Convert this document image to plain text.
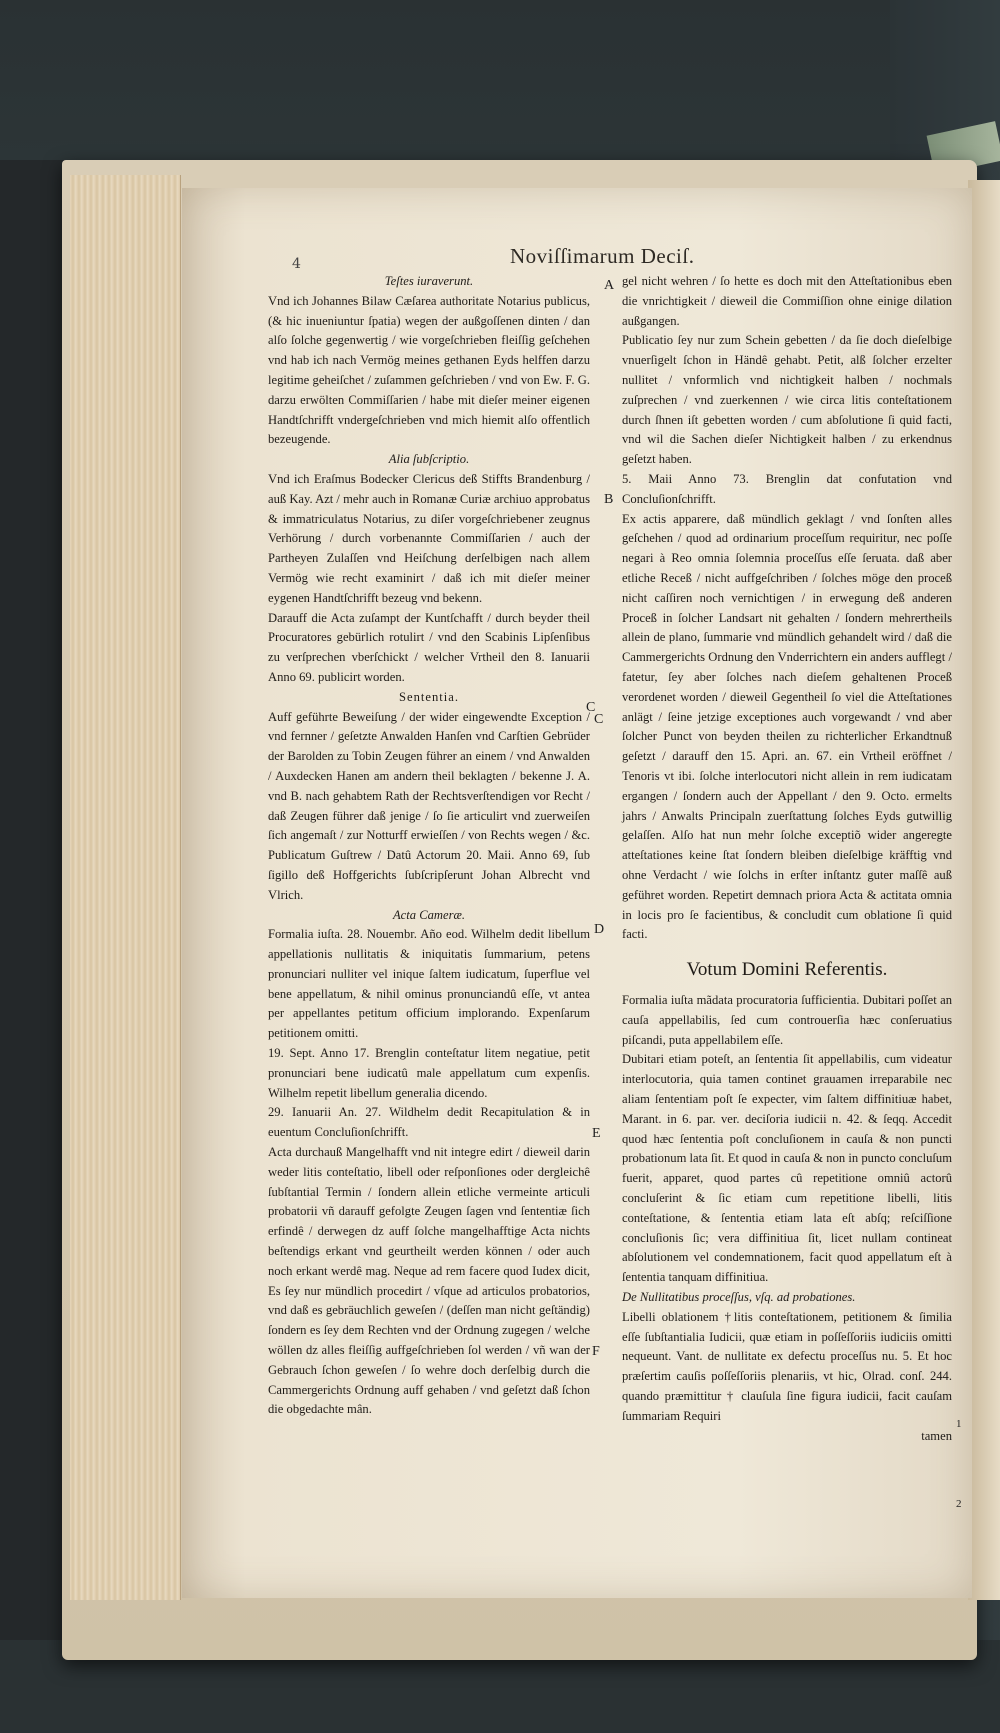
4	Noviſſimarum Deciſ.

Teſtes iuraverunt.

Vnd ich Johannes Bilaw Cæſarea authoritate Notarius publicus, (& hic inueniuntur ſpatia) wegen der außgoſſenen dinten / dan alſo ſolche gegenwertig / wie vorgeſchrieben fleiſſig geſchehen vnd hab ich nach Vermög meines gethanen Eyds helffen darzu legitime geheiſchet / zuſammen geſchrieben / vnd von Ew. F. G. darzu erwölten Commiſſarien / habe mit dieſer meiner eigenen Handtſchrifft vndergeſchrieben vnd mich hiemit alſo offentlich bezeugende.

Alia ſubſcriptio.

Vnd ich Eraſmus Bodecker Clericus deß Stiffts Brandenburg / auß Kay. Azt / mehr auch in Romanæ Curiæ archiuo approbatus & immatriculatus Notarius, zu diſer vorgeſchriebener zeugnus Verhörung / durch vorbenannte Commiſſarien / auch der Partheyen Zulaſſen vnd Heiſchung derſelbigen nach allem Vermög wie recht examinirt / daß ich mit dieſer meiner eygenen Handtſchrifft bezeug vnd bekenn.

Darauff die Acta zuſampt der Kuntſchafft / durch beyder theil Procuratores gebürlich rotulirt / vnd den Scabinis Lipſenſibus zu verſprechen vberſchickt / welcher Vrtheil den 8. Ianuarii Anno 69. publicirt worden.

Sententia.

Auff geführte Beweiſung / der wider eingewendte Exception / vnd fernner / geſetzte Anwalden Hanſen vnd Carſtien Gebrüder der Barolden zu Tobin Zeugen führer an einem / vnd Anwalden / Auxdecken Hanen am andern theil beklagten / bekenne J. A. vnd B. nach gehabtem Rath der Rechtsverſtendigen vor Recht / daß Zeugen führer daß jenige / ſo ſie articulirt vnd zuerweiſen ſich angemaſt / zur Notturff erwieſſen / von Rechts wegen / &c. Publicatum Guſtrew / Datû Actorum 20. Maii. Anno 69, ſub ſigillo deß Hoffgerichts ſubſcripſerunt Johan Albrecht vnd Vlrich.

Acta Cameræ.

Formalia iuſta. 28. Nouembr. Año eod. Wilhelm dedit libellum appellationis nullitatis & iniquitatis ſummarium, petens pronunciari nulliter vel inique ſaltem iudicatum, ſuperflue vel bene appellatum, & nihil ominus pronunciandû eſſe, vt antea per appellantes petitum officium implorando. Expenſarum petitionem omitti.

19. Sept. Anno 17. Brenglin conteſtatur litem negatiue, petit pronunciari bene iudicatû male appellatum cum expenſis. Wilhelm repetit libellum generalia dicendo.

29. Ianuarii An. 27. Wildhelm dedit Recapitulation & in euentum Concluſionſchrifft.

Acta durchauß Mangelhafft vnd nit integre edirt / dieweil darin weder litis conteſtatio, libell oder reſponſiones oder dergleichê ſubſtantial Termin / ſondern allein etliche vermeinte articuli probatorii vñ darauff gefolgte Zeugen ſagen vnd ſententiæ ſich erfindê / derwegen dz auff ſolche mangelhafftige Acta nichts beſtendigs erkant vnd geurtheilt werden können / oder auch noch erkant werdê mag. Neque ad rem facere quod Iudex dicit, Es ſey nur mündlich procedirt / vſque ad articulos probatorios, vnd daß es gebräuchlich geweſen / (deſſen man nicht geſtändig) ſondern es ſey dem Rechten vnd der Ordnung zugegen / welche wöllen dz alles fleiſſig auffgeſchrieben ſol werden / vñ wan der Gebrauch ſchon geweſen / ſo wehre doch derſelbig durch die Cammergerichts Ordnung auff gehaben / vnd geſetzt daß ſchon die obgedachte mân.

gel nicht wehren / ſo hette es doch mit den Atteſtationibus eben die vnrichtigkeit / dieweil die Commiſſion ohne einige dilation außgangen.

Publicatio ſey nur zum Schein gebetten / da ſie doch dieſelbige vnuerſigelt ſchon in Händê gehabt. Petit, alß ſolcher erzelter nullitet / vnformlich vnd nichtigkeit halben / nochmals zuſprechen / vnd zuerkennen / wie circa litis conteſtationem durch ſhnen iſt gebetten worden / cum abſolutione ſi quid facti, vnd wil die Sachen dieſer Nichtigkeit halben / zu erkendnus geſetzt haben.

5. Maii Anno 73. Brenglin dat confutation vnd Concluſionſchrifft.

Ex actis apparere, daß mündlich geklagt / vnd ſonſten alles geſchehen / quod ad ordinarium proceſſum requiritur, nec poſſe negari à Reo omnia ſolemnia proceſſus eſſe ſeruata. daß aber etliche Receß / nicht auffgeſchriben / ſolches möge den proceß nicht caſſiren noch vernichtigen / in erwegung deß anderen Proceß in ſolcher Landsart nit gehalten / ſondern mehrertheils allein de plano, ſummarie vnd mündlich gehandelt wird / daß die Cammergerichts Ordnung den Vnderrichtern ein anders aufflegt / fatetur, ſey aber ſolches nach dieſem gehaltenen Proceß verordenet worden / dieweil Gegentheil ſo viel die Atteſtationes anlägt / ſeine jetzige exceptiones auch vorgewandt / vnd aber ſolcher Punct von beyden theilen zu richterlicher Erkandtnuß geſetzt / darauff den 15. Apri. an. 67. ein Vrtheil eröffnet / Tenoris vt ibi. ſolche interlocutori nicht allein in rem iudicatam ergangen / ſondern auch der Appellant / den 9. Octo. ermelts jahrs / Anwalts Principaln zuerſtattung ſolches Eyds gutwillig gelaſſen. Alſo hat nun mehr ſolche exceptiõ wider angeregte atteſtationes keine ſtat ſondern bleiben dieſelbige kräfftig vnd ohne Verdacht / wie ſolchs in erſter inſtantz guter maſſê auß geführet worden. Repetirt demnach priora Acta & actitata omnia in locis pro ſe facientibus, & concludit cum oblatione ſi quid facti.

Votum Domini Referentis.

Formalia iuſta mãdata procuratoria ſufficientia. Dubitari poſſet an cauſa appellabilis, ſed cum controuerſia hæc conſeruatius piſcandi, puta appellabilem eſſe.

Dubitari etiam poteſt, an ſententia ſit appellabilis, cum videatur interlocutoria, quia tamen continet grauamen irreparabile nec aliam ſententiam poſt ſe expecter, vim ſaltem diffinitiuæ habet, Marant. in 6. par. ver. deciſoria iudicii n. 42. & ſeqq. Accedit quod hæc ſententia poſt concluſionem in cauſa & non puncti probationum lata ſit. Et quod in cauſa & non in puncto concluſum fuerit, apparet, quod partes cû repetitione omniû actorû concluſerint & ſic etiam cum repetitione libelli, litis conteſtatione, & ſententia etiam lata eſt abſq; reſciſſione concluſionis ſic; vera diffinitiua ſit, licet nullam contineat abſolutionem vel condemnationem, facit quod appellatum eſt à ſententia tanquam diffinitiua.

De Nullitatibus proceſſus, vſq. ad probationes.

Libelli oblationem †litis conteſtationem, petitionem & ſimilia eſſe ſubſtantialia Iudicii, quæ etiam in poſſeſſoriis iudiciis omitti nequeunt. Vant. de nullitate ex defectu proceſſus nu. 5. Et hoc præſertim cauſis poſſeſſoriis plenariis, vt hic, Olrad. conſ. 244. quando præmittitur † clauſula ſine figura iudicii, facit cauſam ſummariam Requiri

tamen

A
B
C
C
D
E
F
1
2
